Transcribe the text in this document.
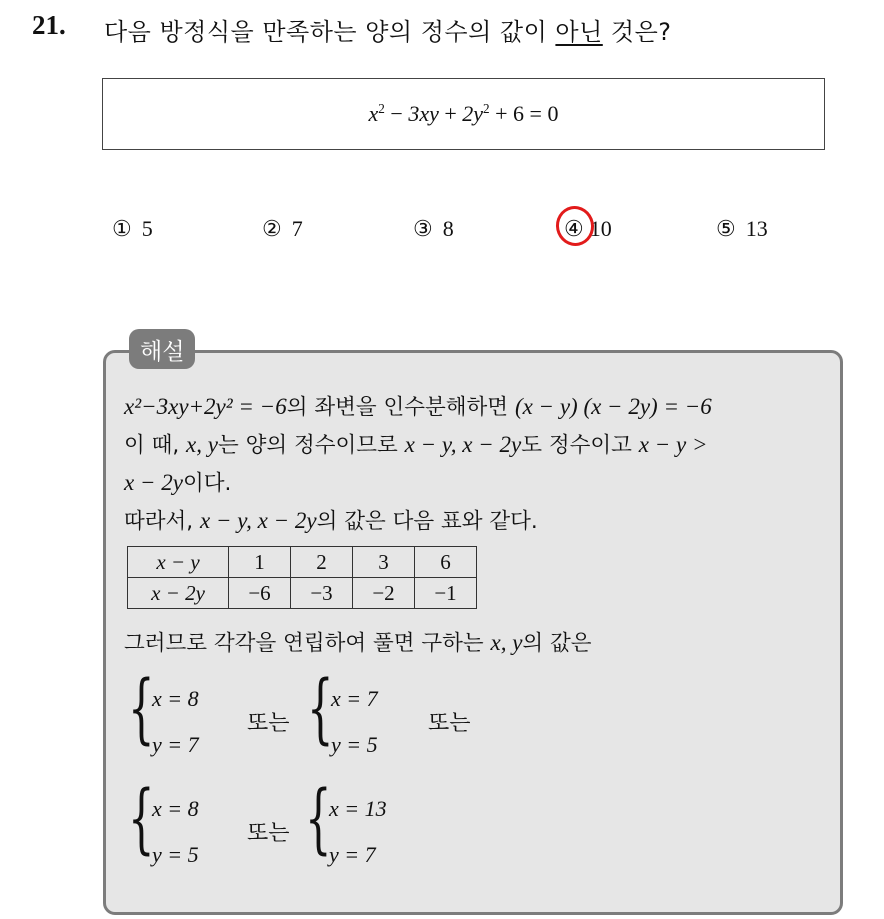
21. 다음 방정식을 만족하는 양의 정수의 값이 아닌 것은?
$x^2 - 3xy + 2y^2 + 6 = 0$
① 5	② 7	③ 8	④ 10	⑤ 13
해설
x²−3xy+2y² = −6의 좌변을 인수분해하면 (x − y) (x − 2y) = −6
이 때, x, y는 양의 정수이므로 x − y, x − 2y도 정수이고 x − y >
x − 2y이다.
따라서, x − y, x − 2y의 값은 다음 표와 같다.
x − y	1	2	3	6
x − 2y	−6	−3	−2	−1
그러므로 각각을 연립하여 풀면 구하는 x, y의 값은
{
x = 8
y = 7
또는 {
x = 7
y = 5
또는
{
x = 8
y = 5
또는 {
x = 13
y = 7
